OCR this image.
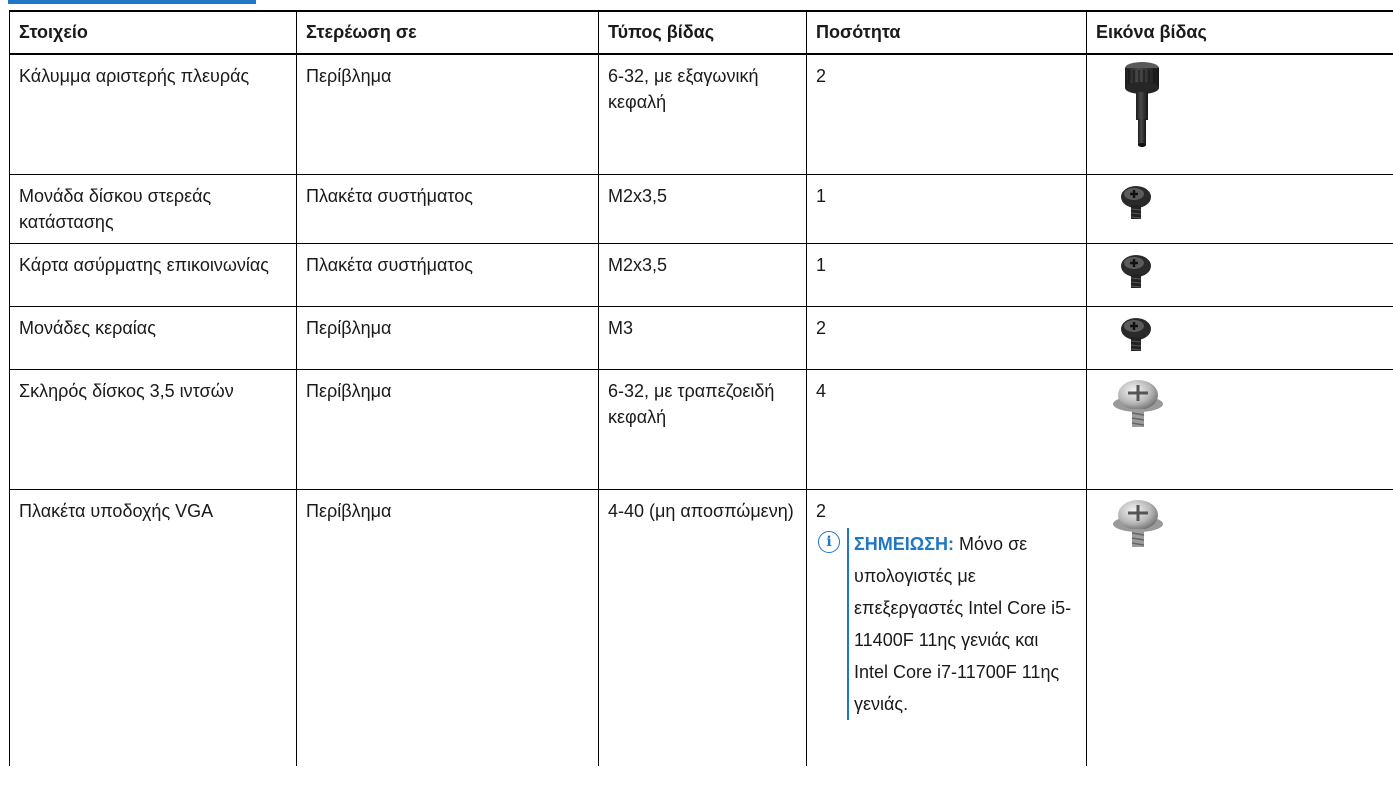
Στοιχείο	Στερέωση σε	Τύπος βίδας	Ποσότητα	Εικόνα βίδας
Κάλυμμα αριστερής πλευράς	Περίβλημα	6-32, με εξαγωνική κεφαλή	2	

Μονάδα δίσκου στερεάς κατάστασης	Πλακέτα συστήματος	M2x3,5	1	

Κάρτα ασύρματης επικοινωνίας	Πλακέτα συστήματος	M2x3,5	1	

Μονάδες κεραίας	Περίβλημα	M3	2	

Σκληρός δίσκος 3,5 ιντσών	Περίβλημα	6-32, με τραπεζοειδή κεφαλή	4	

Πλακέτα υποδοχής VGA	Περίβλημα	4-40 (μη αποσπώμενη)	2
i ΣΗΜΕΙΩΣΗ: Μόνο σε υπολογιστές με επεξεργαστές Intel Core i5-11400F 11ης γενιάς και Intel Core i7-11700F 11ης γενιάς.
